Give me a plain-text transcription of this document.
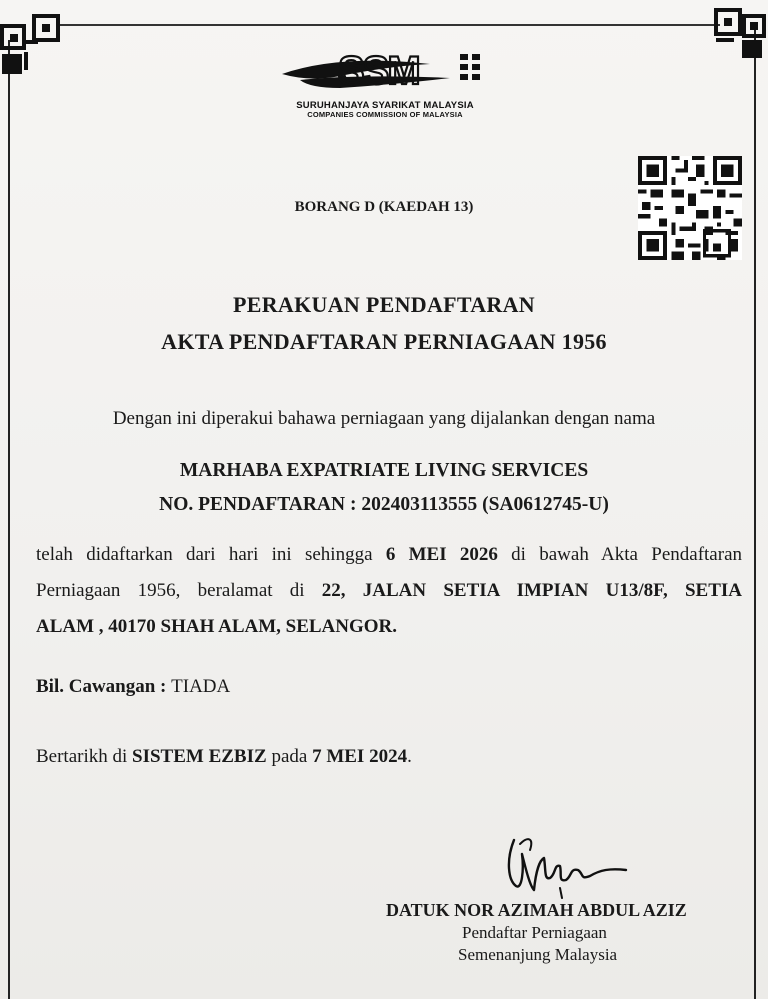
SSM
SURUHANJAYA SYARIKAT MALAYSIA
COMPANIES COMMISSION OF MALAYSIA
BORANG D (KAEDAH 13)
PERAKUAN PENDAFTARAN
AKTA PENDAFTARAN PERNIAGAAN 1956
Dengan ini diperakui bahawa perniagaan yang dijalankan dengan nama
MARHABA EXPATRIATE LIVING SERVICES
NO. PENDAFTARAN : 202403113555 (SA0612745-U)
telah didaftarkan dari hari ini sehingga 6 MEI 2026 di bawah Akta Pendaftaran
Perniagaan 1956, beralamat di 22, JALAN SETIA IMPIAN U13/8F, SETIA
ALAM , 40170 SHAH ALAM, SELANGOR.
Bil. Cawangan : TIADA
Bertarikh di SISTEM EZBIZ pada 7 MEI 2024.
DATUK NOR AZIMAH ABDUL AZIZ
Pendaftar Perniagaan
Semenanjung Malaysia
